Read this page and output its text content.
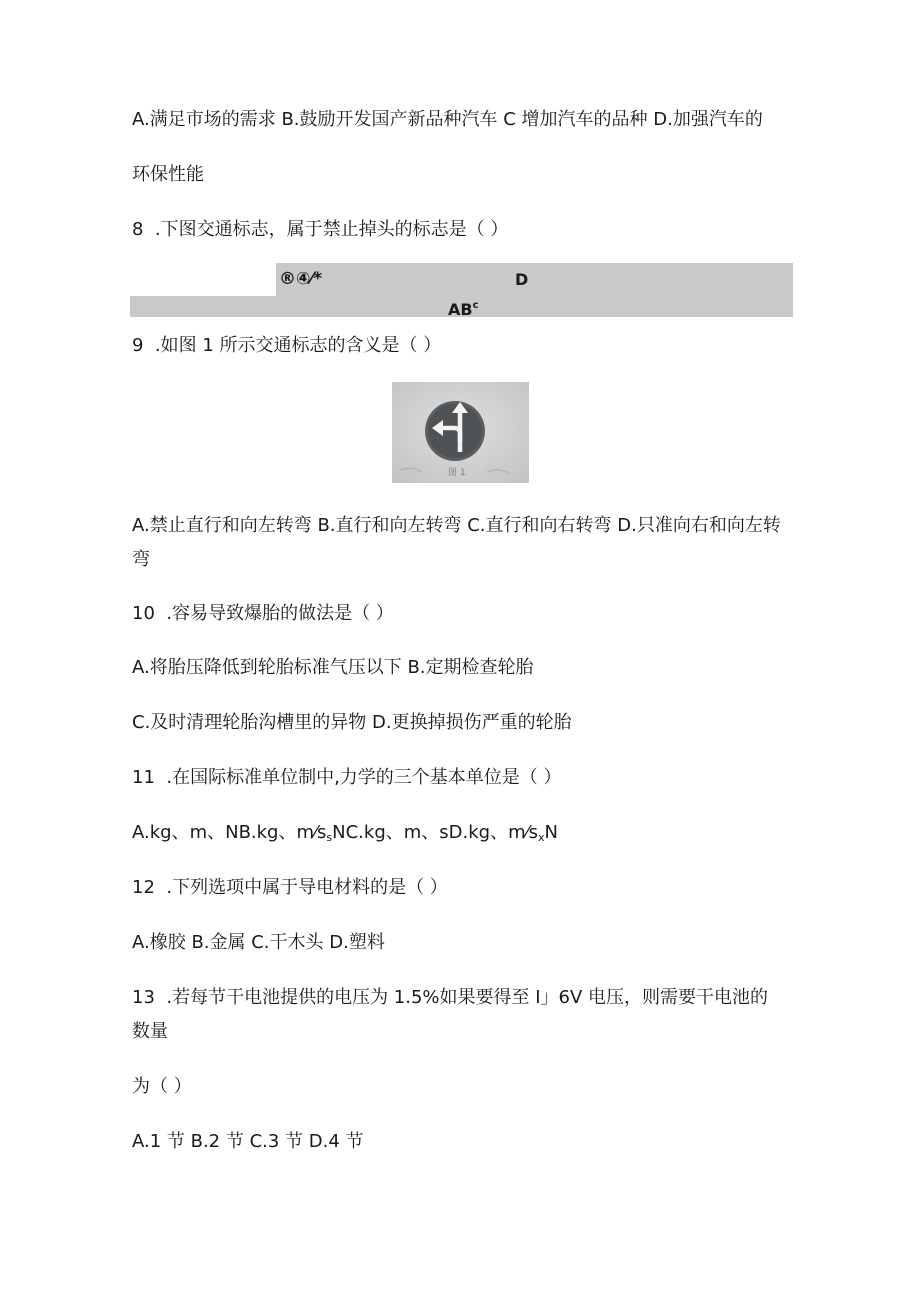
A.满足市场的需求 B.鼓励开发国产新品种汽车 C 增加汽车的品种 D.加强汽车的
环保性能
8  .下图交通标志，属于禁止掉头的标志是（ ）
®④⁄*	D
$AB^c$
9  .如图 1 所示交通标志的含义是（ ）
图 1
A.禁止直行和向左转弯 B.直行和向左转弯 C.直行和向右转弯 D.只准向右和向左转
弯
10  .容易导致爆胎的做法是（ ）
A.将胎压降低到轮胎标准气压以下 B.定期检查轮胎
C.及时清理轮胎沟槽里的异物 D.更换掉损伤严重的轮胎
11  .在国际标准单位制中,力学的三个基本单位是（ ）
A.kg、m、NB.kg、$m⁄s_sNC.kg$、m、sD.kg、$m⁄s_xN$
12  .下列选项中属于导电材料的是（ ）
A.橡胶 B.金属 C.干木头 D.塑料
13  .若每节干电池提供的电压为 1.5%如果要得至 I」6V 电压，则需要干电池的
数量
为（ ）
A.1 节 B.2 节 C.3 节 D.4 节
